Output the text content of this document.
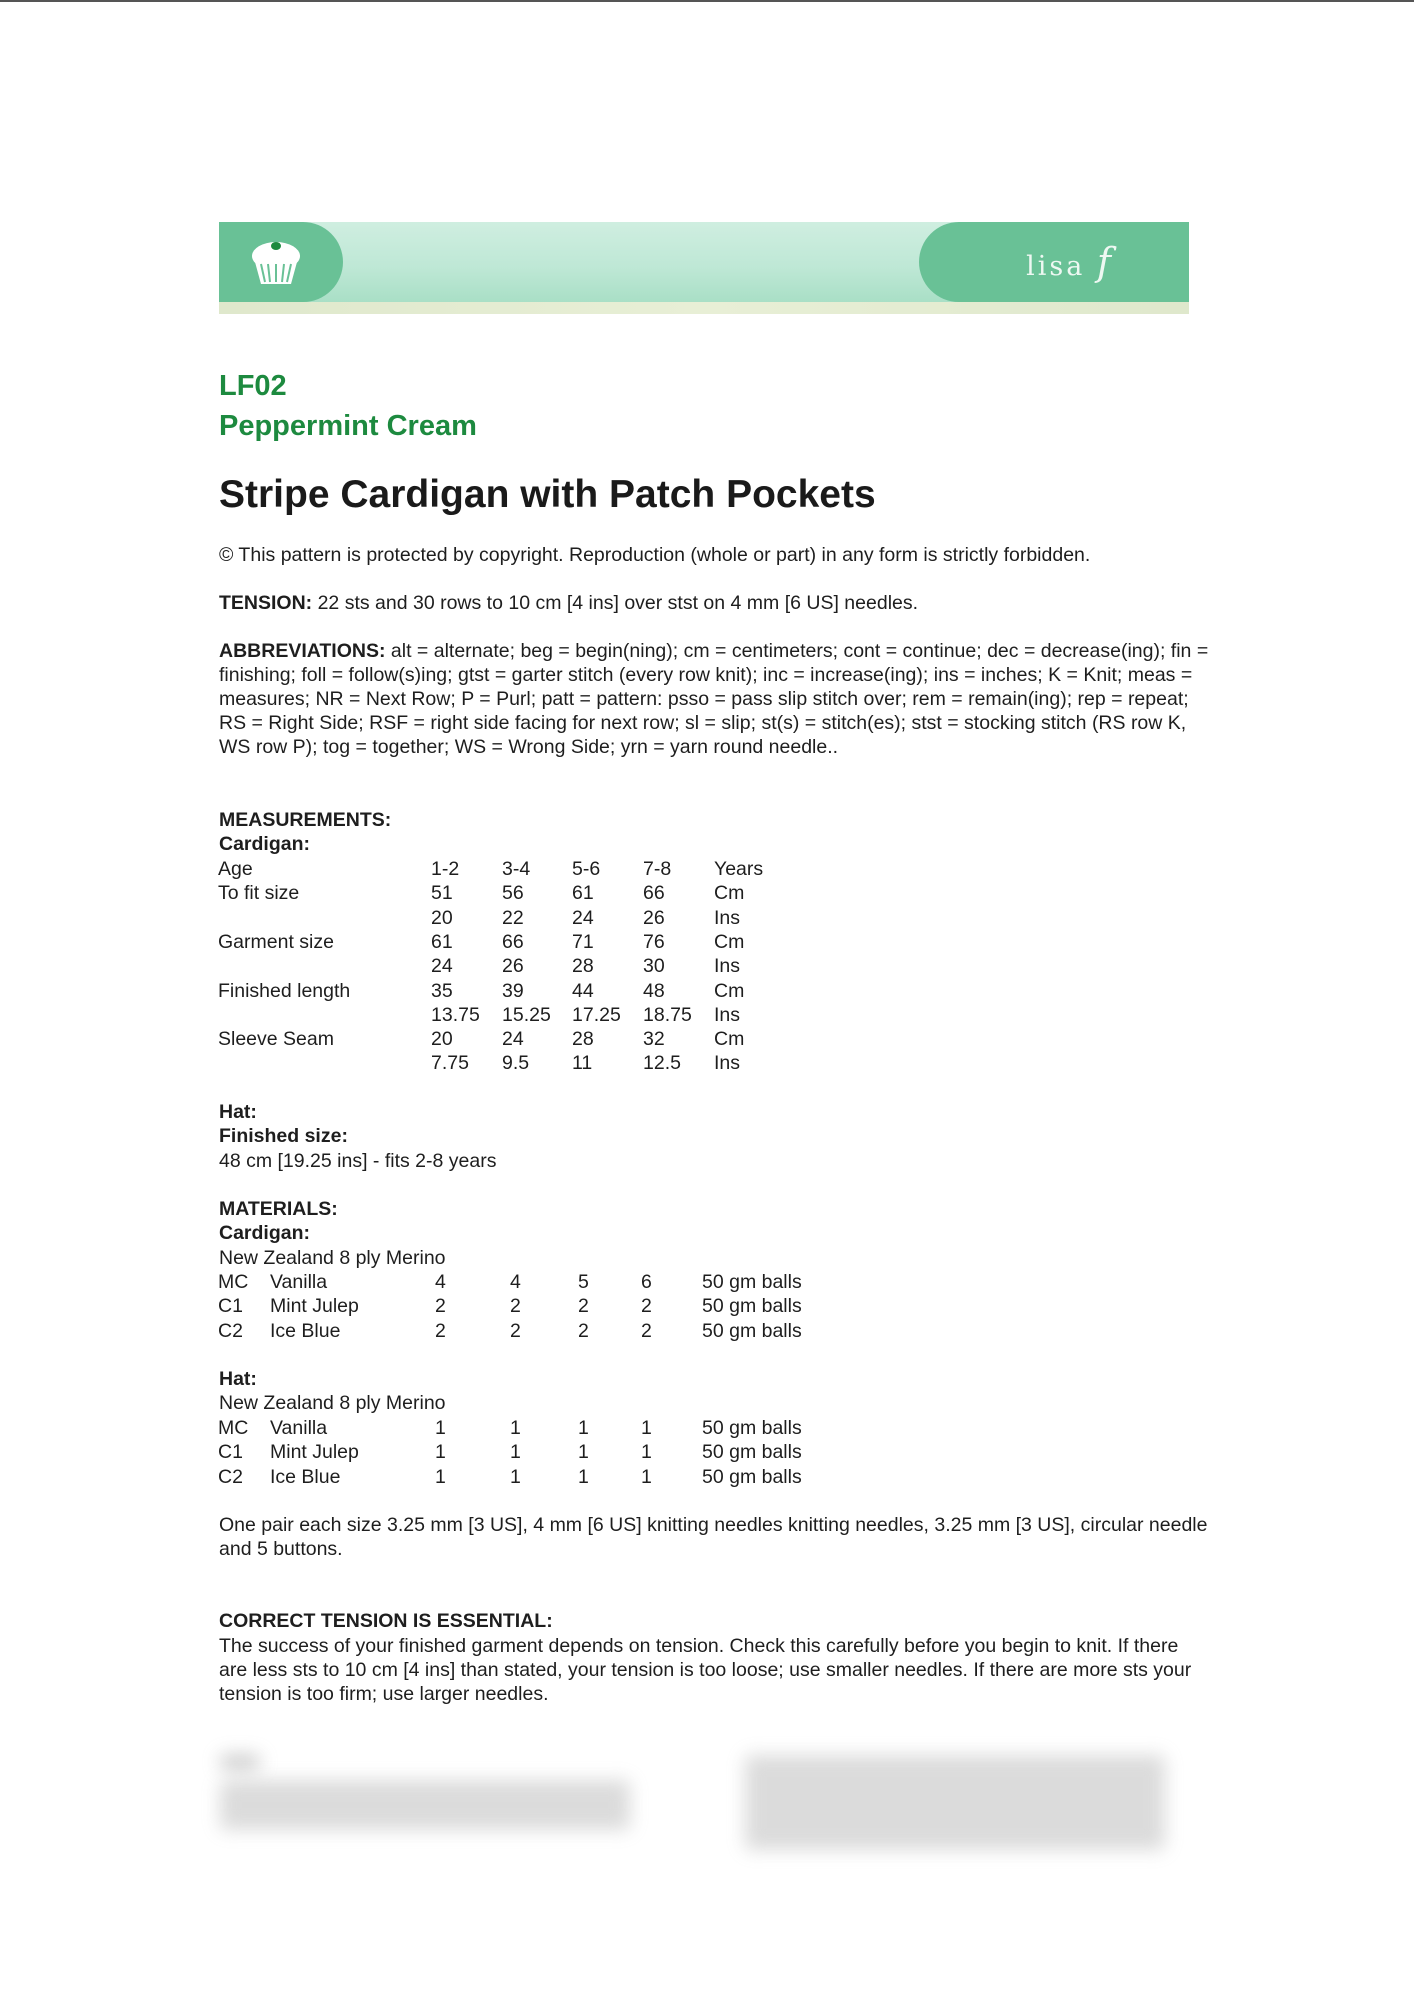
lisa f
LF02
Peppermint Cream
Stripe Cardigan with Patch Pockets
© This pattern is protected by copyright. Reproduction (whole or part) in any form is strictly forbidden.
TENSION: 22 sts and 30 rows to 10 cm [4 ins] over stst on 4 mm [6 US] needles.
ABBREVIATIONS: alt = alternate; beg = begin(ning); cm = centimeters; cont = continue; dec = decrease(ing); fin = finishing; foll = follow(s)ing; gtst = garter stitch (every row knit); inc = increase(ing); ins = inches; K = Knit; meas = measures; NR = Next Row; P = Purl; patt = pattern: psso = pass slip stitch over; rem = remain(ing); rep = repeat; RS = Right Side; RSF = right side facing for next row; sl = slip; st(s) = stitch(es); stst = stocking stitch (RS row K, WS row P); tog = together; WS = Wrong Side; yrn = yarn round needle..
MEASUREMENTS:
Cardigan:
Age	1-2 3-4 5-6 7-8 Years
To fit size	51	56 61	66	Cm
20	22 24	26	Ins
Garment size	61	66 71	76	Cm
24	26 28	30	Ins
Finished length	35	39 44	48	Cm
13.75 15.25 17.25 18.75 Ins
Sleeve Seam	20	24 28	32	Cm
7.75 9.5 11	12.5 Ins
Hat:
Finished size:
48 cm [19.25 ins] - fits 2-8 years
MATERIALS:
Cardigan:
New Zealand 8 ply Merino
MC Vanilla	4	4	5	6	50 gm balls
C1 Mint Julep	2	2	2	2	50 gm balls
C2 Ice Blue	2	2	2	2	50 gm balls
Hat:
New Zealand 8 ply Merino
MC Vanilla	1	1	1	1	50 gm balls
C1 Mint Julep	1	1	1	1	50 gm balls
C2 Ice Blue	1	1	1	1	50 gm balls
One pair each size 3.25 mm [3 US], 4 mm [6 US] knitting needles knitting needles, 3.25 mm [3 US], circular needle and 5 buttons.
CORRECT TENSION IS ESSENTIAL:
The success of your finished garment depends on tension. Check this carefully before you begin to knit. If there are less sts to 10 cm [4 ins] than stated, your tension is too loose; use smaller needles. If there are more sts your tension is too firm; use larger needles.
